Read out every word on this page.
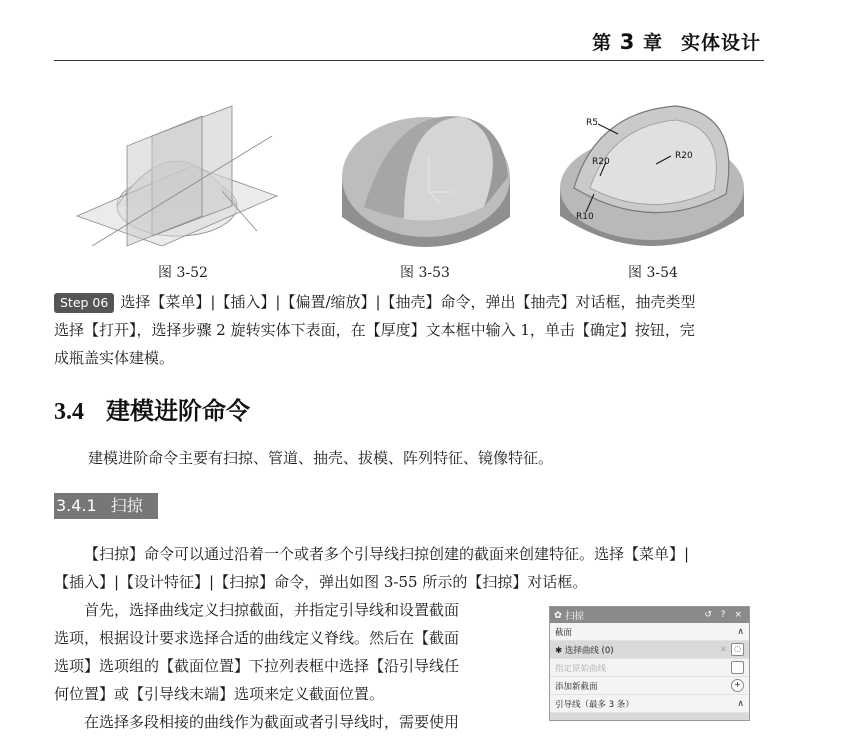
第 3 章 实体设计
图 3-52	图 3-53
R5
R20
R20
R10
图 3-54

Step 06 选择【菜单】|【插入】|【偏置/缩放】|【抽壳】命令，弹出【抽壳】对话框，抽壳类型
选择【打开】，选择步骤 2 旋转实体下表面，在【厚度】文本框中输入 1，单击【确定】按钮，完
成瓶盖实体建模。

3.4 建模进阶命令

建模进阶命令主要有扫掠、管道、抽壳、拔模、阵列特征、镜像特征。

3.4.1 扫掠

【扫掠】命令可以通过沿着一个或者多个引导线扫掠创建的截面来创建特征。选择【菜单】|
【插入】|【设计特征】|【扫掠】命令，弹出如图 3-55 所示的【扫掠】对话框。

首先，选择曲线定义扫掠截面，并指定引导线和设置截面
选项，根据设计要求选择合适的曲线定义脊线。然后在【截面
选项】选项组的【截面位置】下拉列表框中选择【沿引导线任
何位置】或【引导线末端】选项来定义截面位置。
在选择多段相接的曲线作为截面或者引导线时，需要使用

✿ 扫掠	↺ ? ×
截面	∧
✱ 选择曲线 (0)	✕ ◌
指定原始曲线
添加新截面	+
引导线（最多 3 条）	∧
